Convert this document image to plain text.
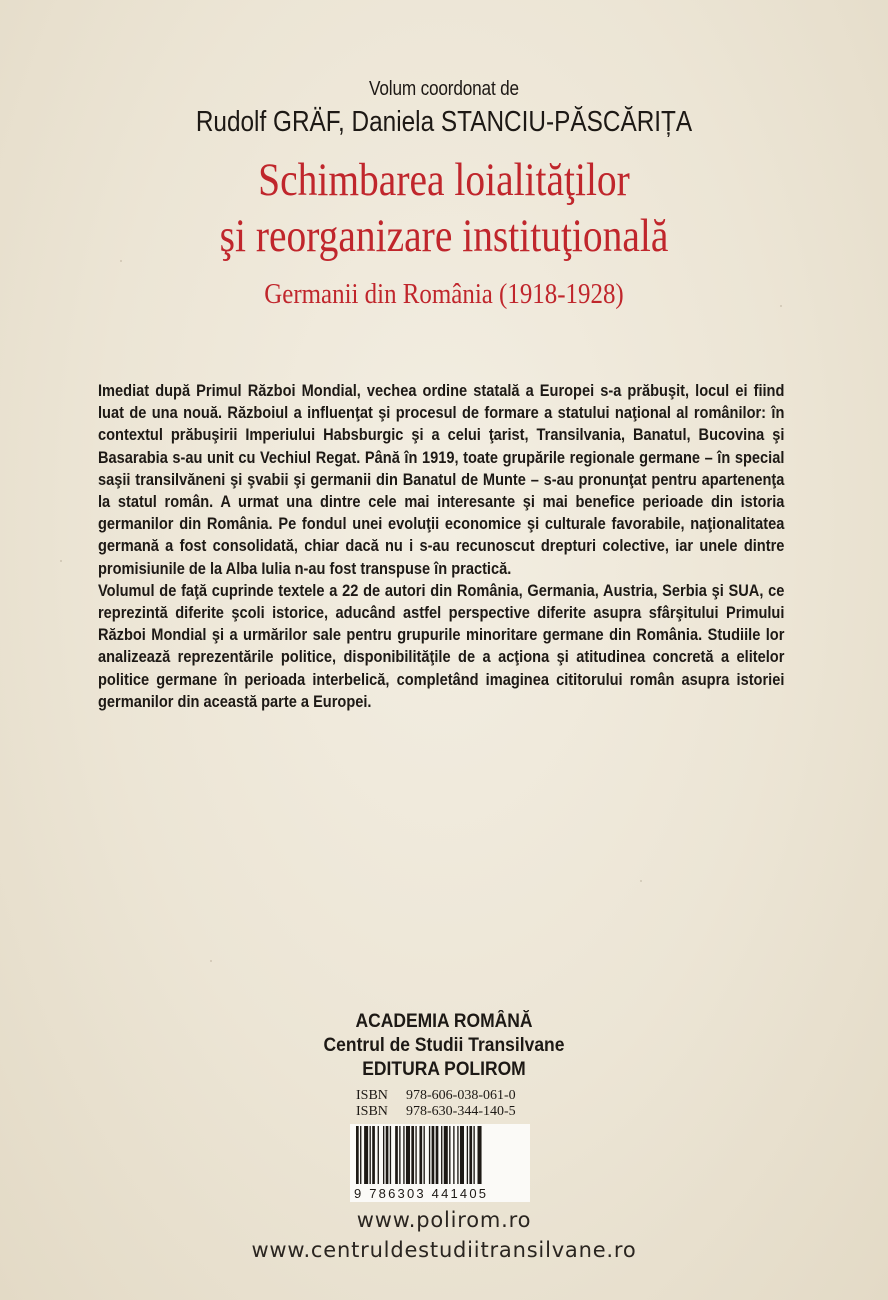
Volum coordonat de
Rudolf GRÄF, Daniela STANCIU-PĂSCĂRIȚA
Schimbarea loialităţilor
şi reorganizare instituţională
Germanii din România (1918-1928)

Imediat după Primul Război Mondial, vechea ordine statală a Europei s-a prăbuşit, locul ei fiind luat de una nouă. Războiul a influenţat şi procesul de formare a statului naţional al românilor: în contextul prăbuşirii Imperiului Habsburgic şi a celui ţarist, Transilvania, Banatul, Bucovina şi Basarabia s-au unit cu Vechiul Regat. Până în 1919, toate grupările regionale germane – în special saşii transilvăneni şi şvabii şi germanii din Banatul de Munte – s-au pronunţat pentru apartenenţa la statul român. A urmat una dintre cele mai interesante şi mai benefice perioade din istoria germanilor din România. Pe fondul unei evoluţii economice şi culturale favorabile, naţionalitatea germană a fost consolidată, chiar dacă nu i s-au recunoscut drepturi colective, iar unele dintre promisiunile de la Alba Iulia n-au fost transpuse în practică.

Volumul de faţă cuprinde textele a 22 de autori din România, Germania, Austria, Serbia şi SUA, ce reprezintă diferite şcoli istorice, aducând astfel perspective diferite asupra sfârşitului Primului Război Mondial şi a urmărilor sale pentru grupurile minoritare germane din România. Studiile lor analizează reprezentările politice, disponibilităţile de a acţiona şi atitudinea concretă a elitelor politice germane în perioada interbelică, completând imaginea cititorului român asupra istoriei germanilor din această parte a Europei.

ACADEMIA ROMÂNĂ
Centrul de Studii Transilvane
EDITURA POLIROM
ISBN 978-606-038-061-0
ISBN 978-630-344-140-5
9 786303 441405
www.polirom.ro
www.centruldestudiitransilvane.ro
